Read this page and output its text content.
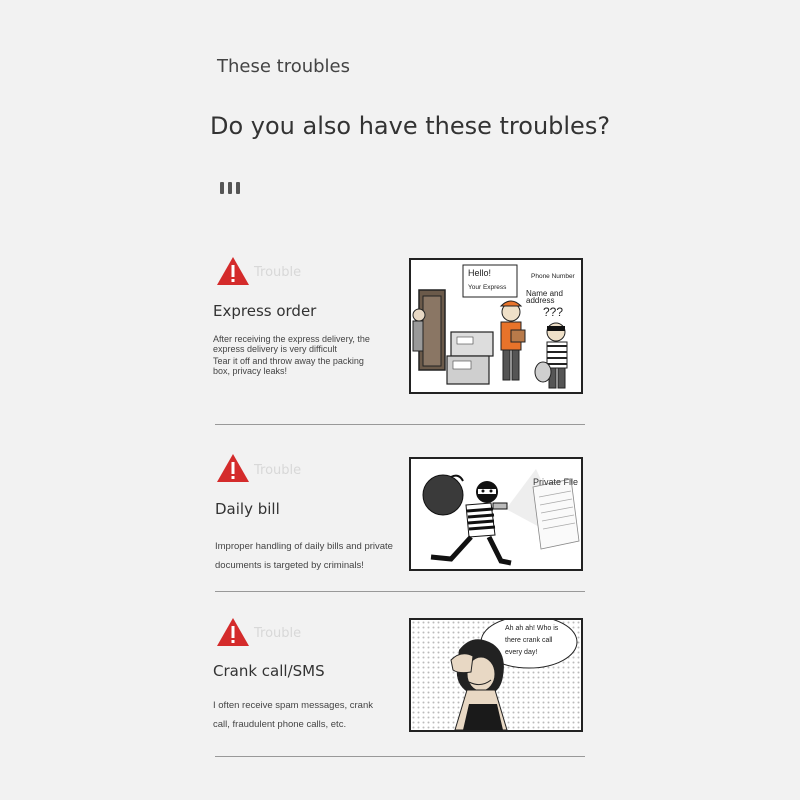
These troubles
Do you also have these troubles?
Trouble
Express order
After receiving the express delivery, the
express delivery is very difficult
Tear it off and throw away the packing
box, privacy leaks!
Hello!
Your Express
Phone Number
Name and
address
???
Trouble
Daily bill
Improper handling of daily bills and private
documents is targeted by criminals!
Private File
Trouble
Crank call/SMS
I often receive spam messages, crank
call, fraudulent phone calls, etc.
Ah ah ah! Who is
there crank call
every day!
